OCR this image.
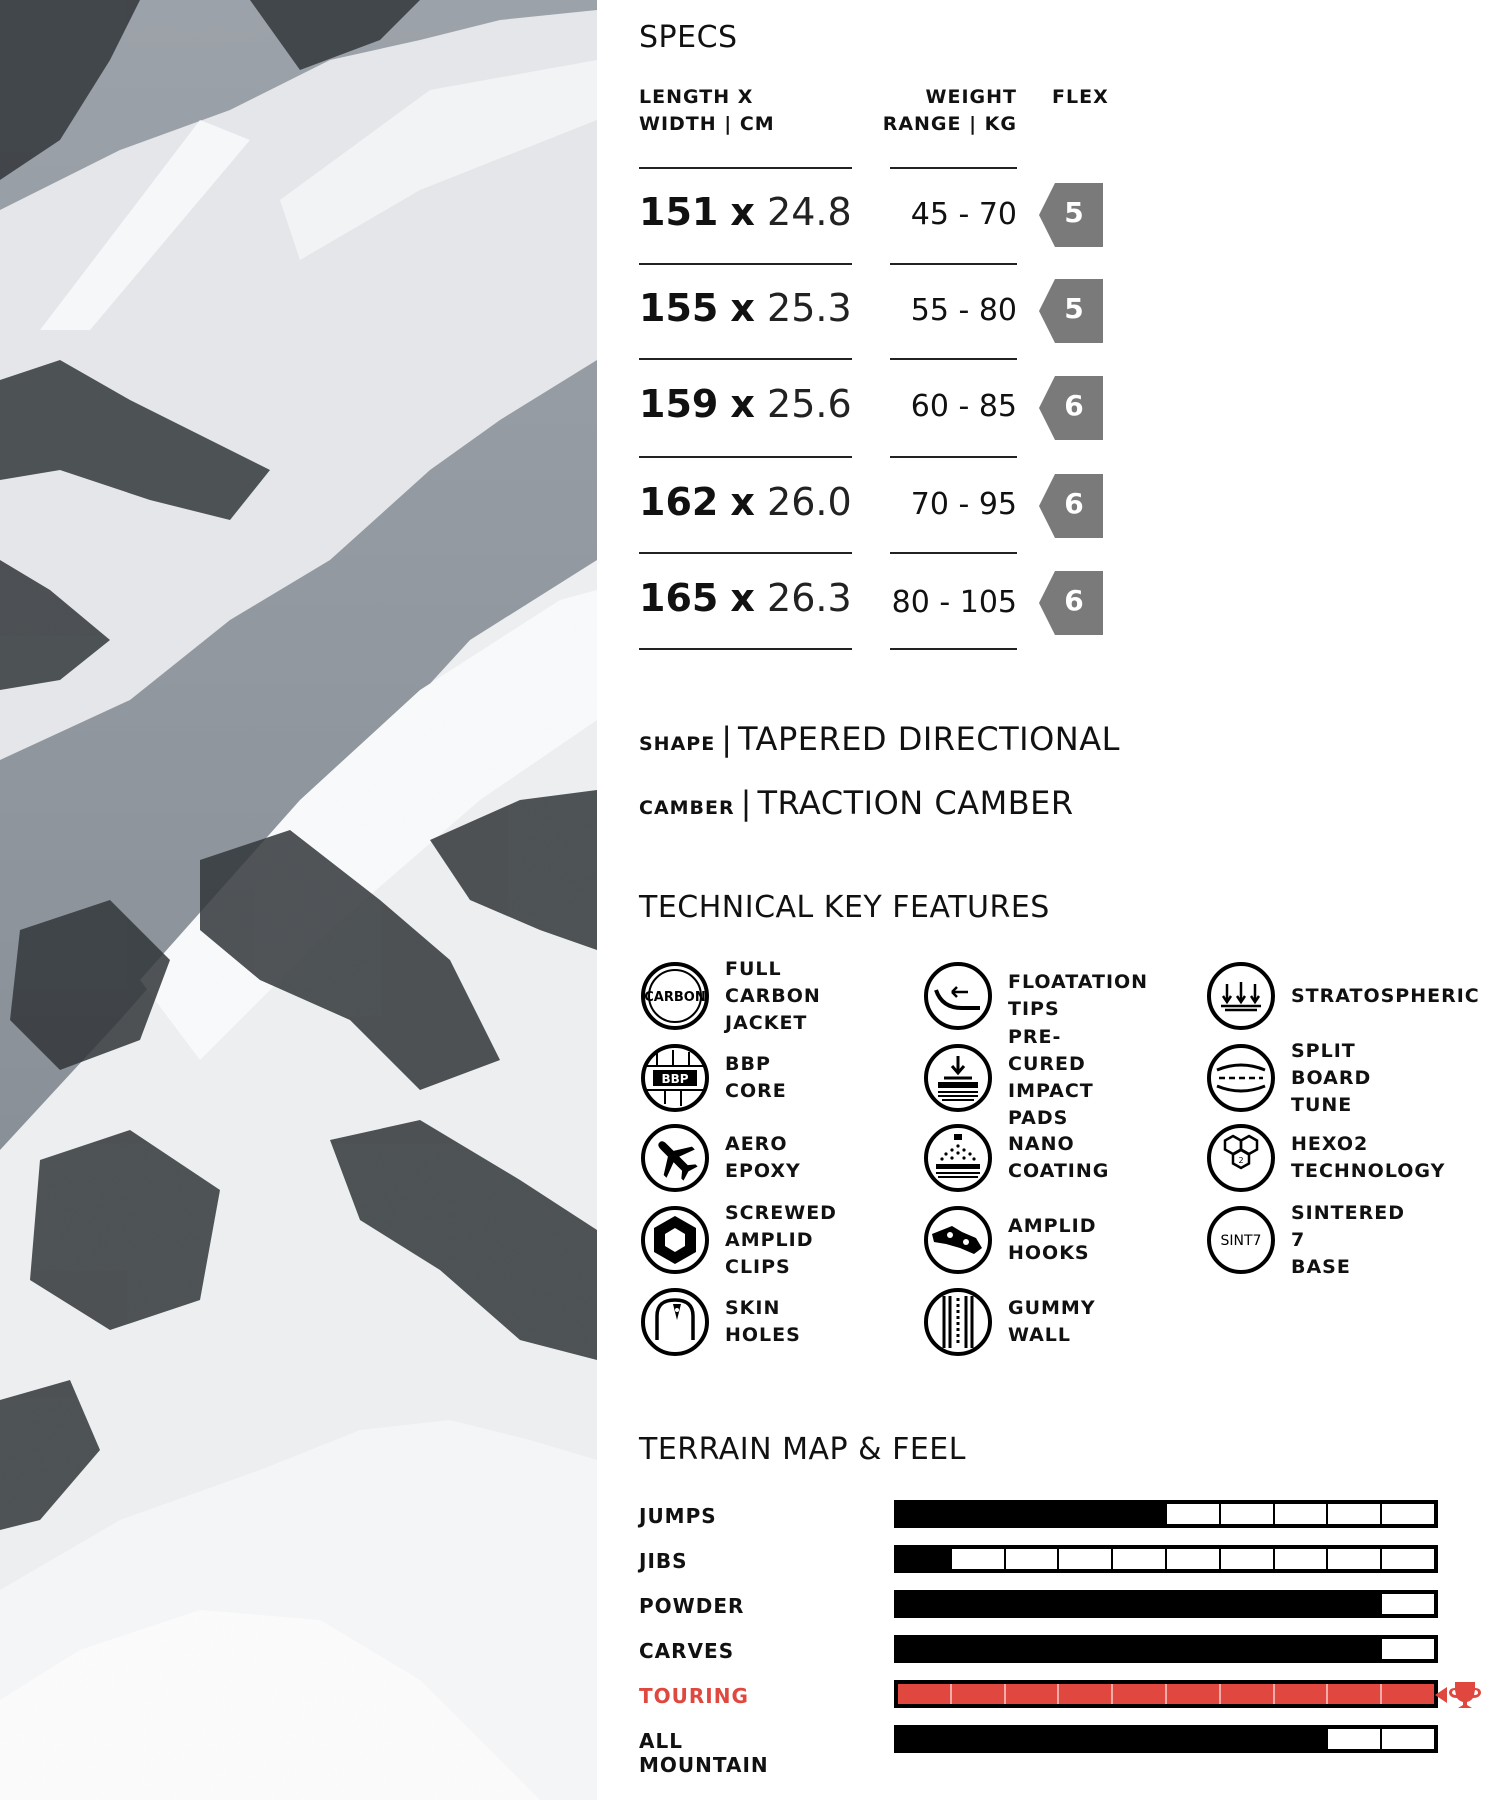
SPECS
LENGTH X
WIDTH | CM
WEIGHT
RANGE | KG
FLEX
151 x 24.8	45 - 70	5
155 x 25.3	55 - 80	5
159 x 25.6	60 - 85	6
162 x 26.0	70 - 95	6
165 x 26.3	80 - 105	6
SHAPE | TAPERED DIRECTIONAL
CAMBER | TRACTION CAMBER
TECHNICAL KEY FEATURES
CARBON
FULL CARBON
JACKET
FLOATATION
TIPS
STRATOSPHERIC
BBP
BBP CORE
PRE-CURED
IMPACT PADS
SPLIT BOARD
TUNE
AERO EPOXY
NANO COATING	2
HEXO2
TECHNOLOGY
SCREWED
AMPLID CLIPS
AMPLID HOOKS
SINT7
SINTERED 7
BASE
SKIN
HOLES
GUMMY
WALL
TERRAIN MAP & FEEL
JUMPS
JIBS
POWDER
CARVES
TOURING
ALL MOUNTAIN
